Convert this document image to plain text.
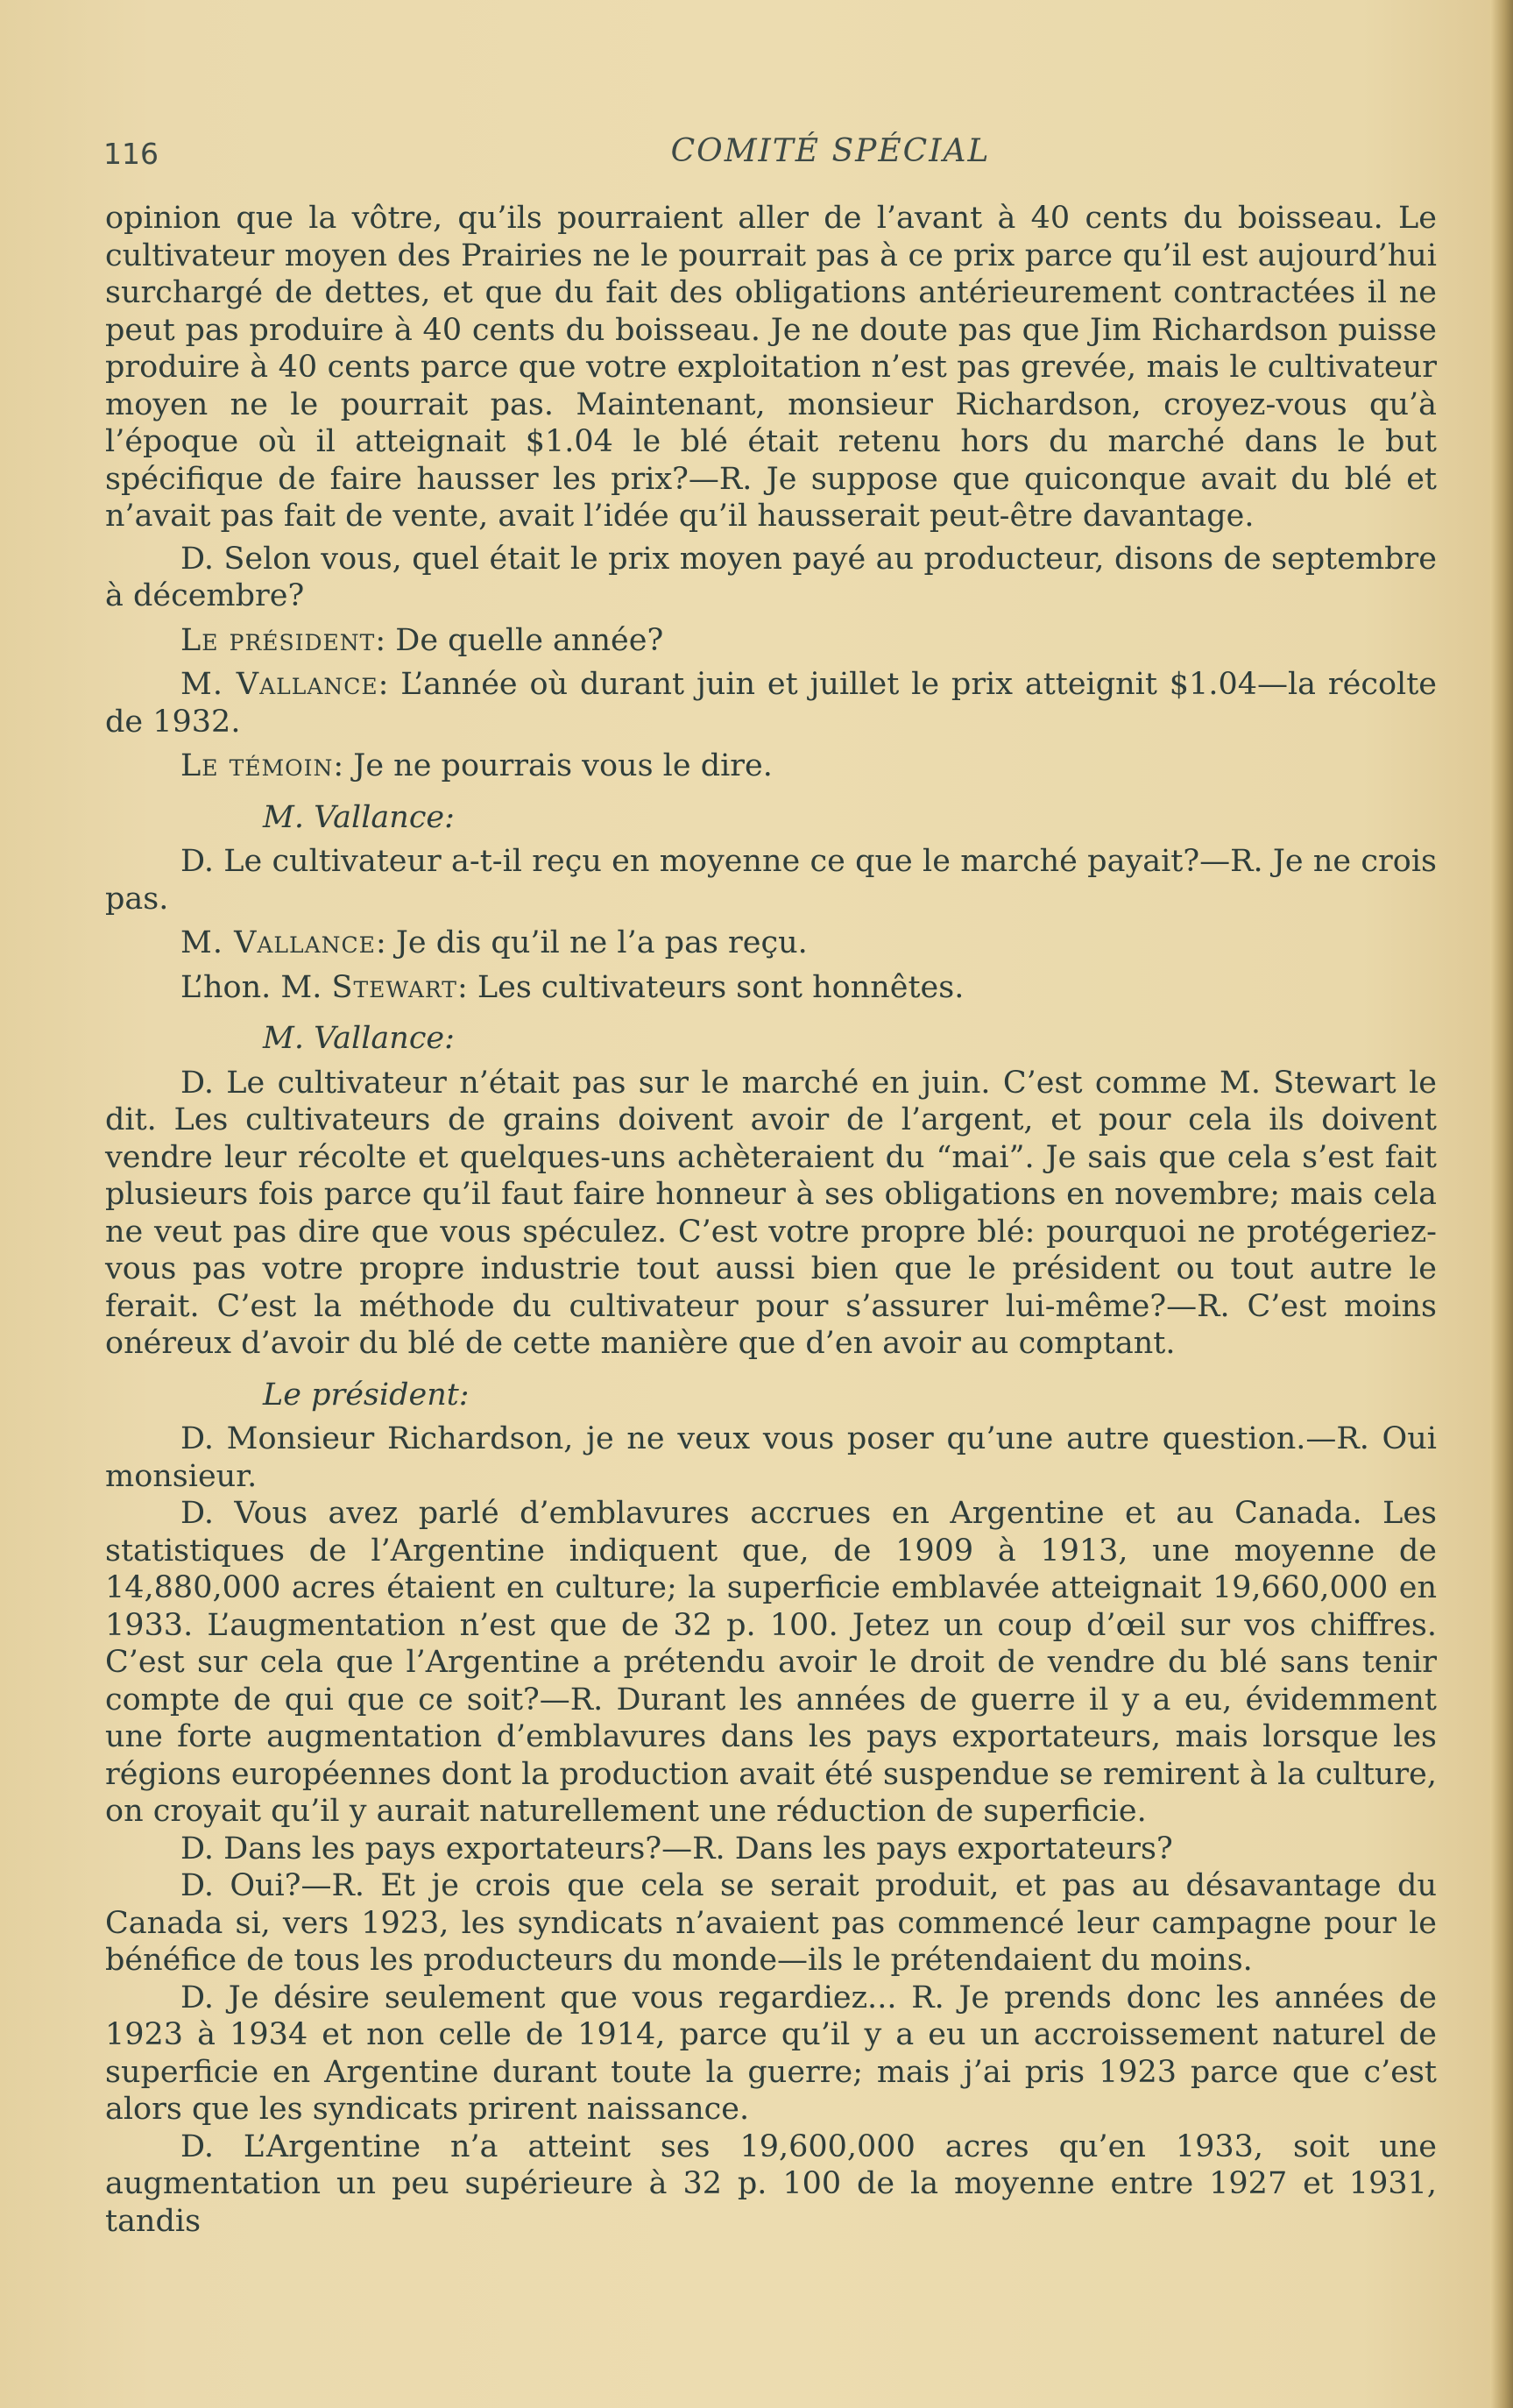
116	COMITÉ SPÉCIAL

opinion que la vôtre, qu’ils pourraient aller de l’avant à 40 cents du boisseau. Le cultivateur moyen des Prairies ne le pourrait pas à ce prix parce qu’il est aujourd’hui surchargé de dettes, et que du fait des obligations antérieurement contractées il ne peut pas produire à 40 cents du boisseau. Je ne doute pas que Jim Richardson puisse produire à 40 cents parce que votre exploitation n’est pas grevée, mais le cultivateur moyen ne le pourrait pas. Maintenant, monsieur Richardson, croyez-vous qu’à l’époque où il atteignait $1.04 le blé était retenu hors du marché dans le but spécifique de faire hausser les prix?—R. Je suppose que quiconque avait du blé et n’avait pas fait de vente, avait l’idée qu’il hausserait peut-être davantage.

D. Selon vous, quel était le prix moyen payé au producteur, disons de septembre à décembre?

Le président: De quelle année?

M. Vallance: L’année où durant juin et juillet le prix atteignit $1.04—la récolte de 1932.

Le témoin: Je ne pourrais vous le dire.

M. Vallance:

D. Le cultivateur a-t-il reçu en moyenne ce que le marché payait?—R. Je ne crois pas.

M. Vallance: Je dis qu’il ne l’a pas reçu.

L’hon. M. Stewart: Les cultivateurs sont honnêtes.

M. Vallance:

D. Le cultivateur n’était pas sur le marché en juin. C’est comme M. Stewart le dit. Les cultivateurs de grains doivent avoir de l’argent, et pour cela ils doivent vendre leur récolte et quelques-uns achèteraient du “mai”. Je sais que cela s’est fait plusieurs fois parce qu’il faut faire honneur à ses obligations en novembre; mais cela ne veut pas dire que vous spéculez. C’est votre propre blé: pourquoi ne protégeriez-vous pas votre propre industrie tout aussi bien que le président ou tout autre le ferait. C’est la méthode du cultivateur pour s’assurer lui-même?—R. C’est moins onéreux d’avoir du blé de cette manière que d’en avoir au comptant.

Le président:

D. Monsieur Richardson, je ne veux vous poser qu’une autre question.—R. Oui monsieur.

D. Vous avez parlé d’emblavures accrues en Argentine et au Canada. Les statistiques de l’Argentine indiquent que, de 1909 à 1913, une moyenne de 14,880,000 acres étaient en culture; la superficie emblavée atteignait 19,660,000 en 1933. L’augmentation n’est que de 32 p. 100. Jetez un coup d’œil sur vos chiffres. C’est sur cela que l’Argentine a prétendu avoir le droit de vendre du blé sans tenir compte de qui que ce soit?—R. Durant les années de guerre il y a eu, évidemment une forte augmentation d’emblavures dans les pays exportateurs, mais lorsque les régions européennes dont la production avait été suspendue se remirent à la culture, on croyait qu’il y aurait naturellement une réduction de superficie.

D. Dans les pays exportateurs?—R. Dans les pays exportateurs?

D. Oui?—R. Et je crois que cela se serait produit, et pas au désavantage du Canada si, vers 1923, les syndicats n’avaient pas commencé leur campagne pour le bénéfice de tous les producteurs du monde—ils le prétendaient du moins.

D. Je désire seulement que vous regardiez... R. Je prends donc les années de 1923 à 1934 et non celle de 1914, parce qu’il y a eu un accroissement naturel de superficie en Argentine durant toute la guerre; mais j’ai pris 1923 parce que c’est alors que les syndicats prirent naissance.

D. L’Argentine n’a atteint ses 19,600,000 acres qu’en 1933, soit une augmentation un peu supérieure à 32 p. 100 de la moyenne entre 1927 et 1931, tandis
